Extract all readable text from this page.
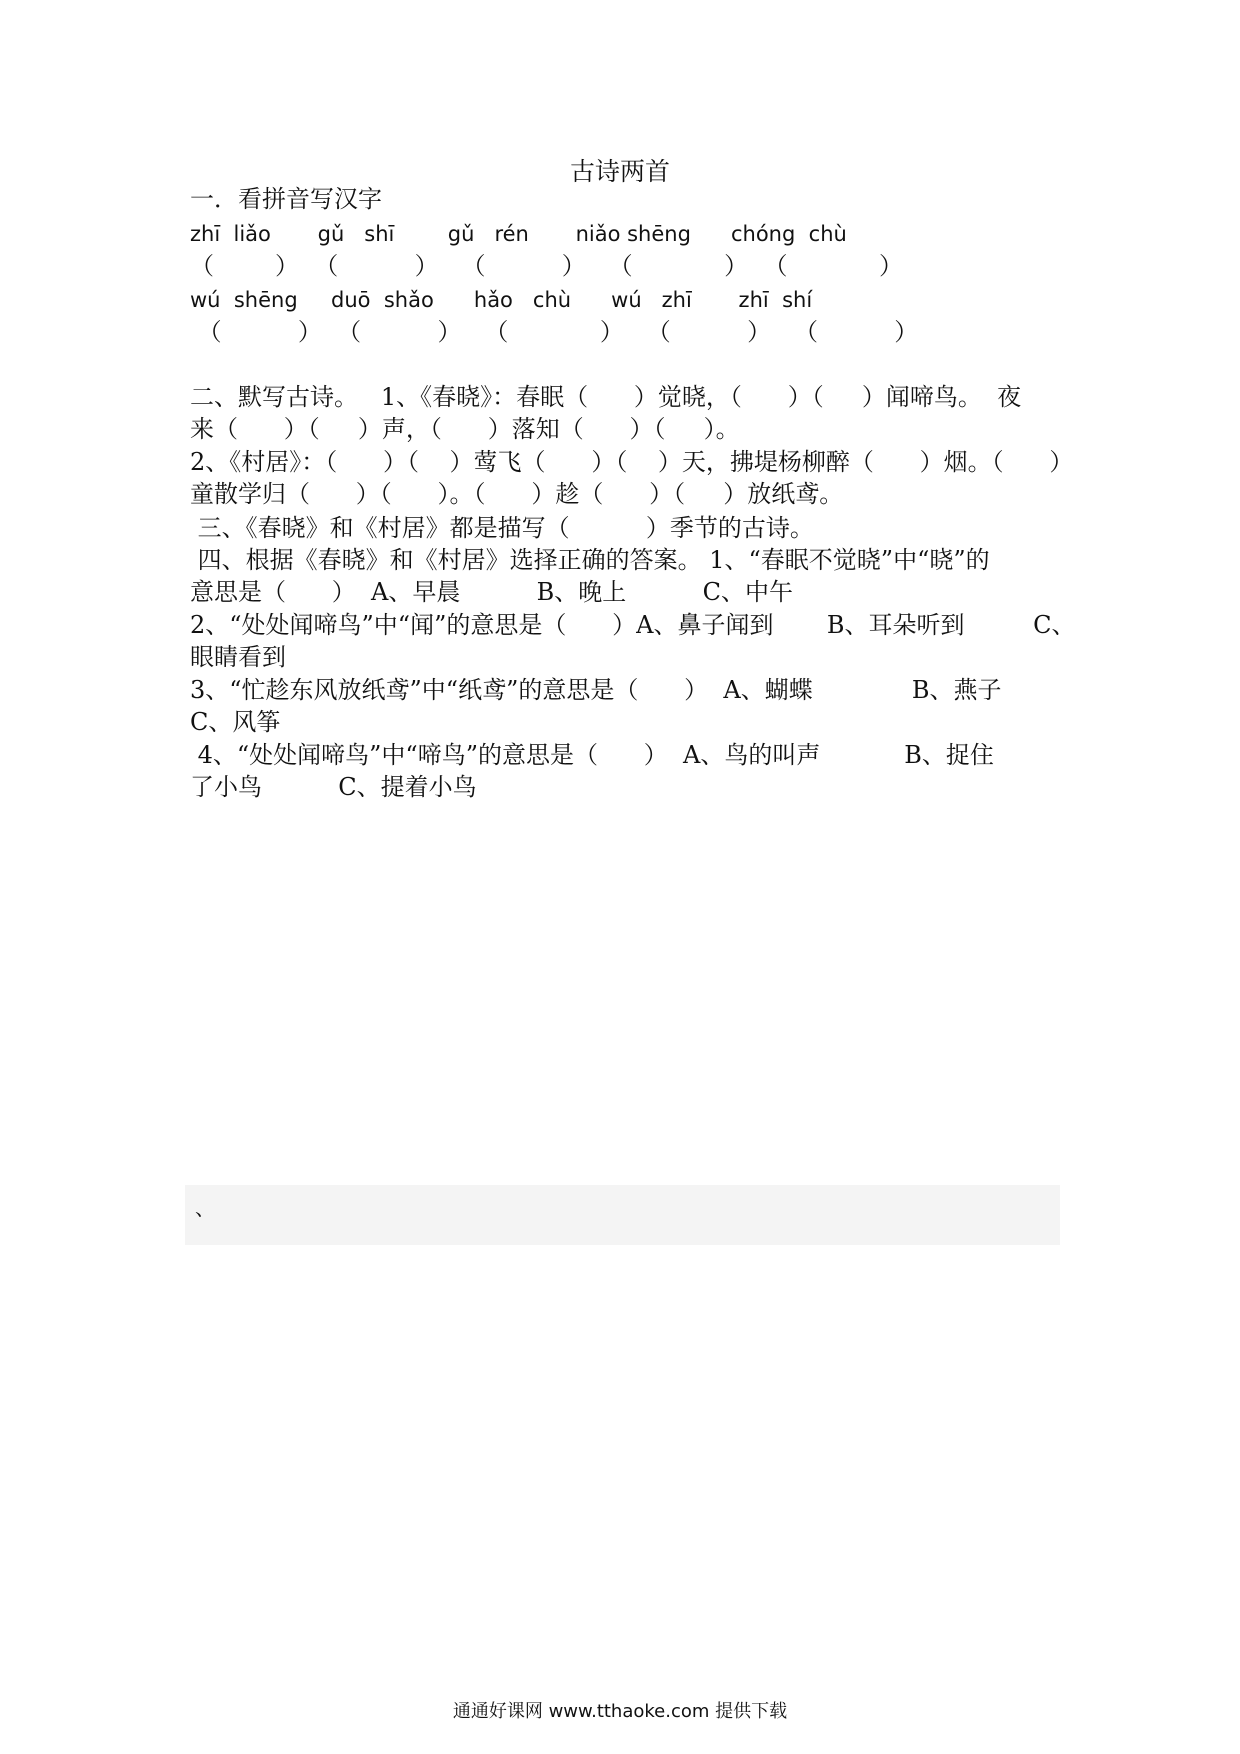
古诗两首
一．看拼音写汉字
zhī  liǎo       gǔ   shī        gǔ   rén       niǎo shēng      chóng  chù
（        ）  （          ）   （          ）   （            ）  （            ）
wú  shēng     duō  shǎo      hǎo   chù      wú   zhī       zhī  shí
（          ）  （          ）   （            ）   （          ）   （          ）
二、默写古诗。   1、《春晓》：春眠（      ）觉晓，（      ）（     ）闻啼鸟。  夜
来（      ）（     ）声，（      ）落知（      ）（     ）。
2、《村居》：（      ）（    ）莺飞（      ）（    ）天，拂堤杨柳醉（      ）烟。（      ）
童散学归（      ）（      ）。（      ）趁（      ）（     ）放纸鸢。
三、《春晓》和《村居》都是描写（          ）季节的古诗。
四、根据《春晓》和《村居》选择正确的答案。 1、“春眠不觉晓”中“晓”的
意思是（      ）  A、早晨          B、晚上          C、中午
2、“处处闻啼鸟”中“闻”的意思是（      ）A、鼻子闻到       B、耳朵听到         C、
眼睛看到
3、“忙趁东风放纸鸢”中“纸鸢”的意思是（      ）  A、蝴蝶             B、燕子
C、风筝
4、“处处闻啼鸟”中“啼鸟”的意思是（      ）  A、鸟的叫声           B、捉住
了小鸟          C、提着小鸟
、
通通好课网 www.tthaoke.com 提供下载
